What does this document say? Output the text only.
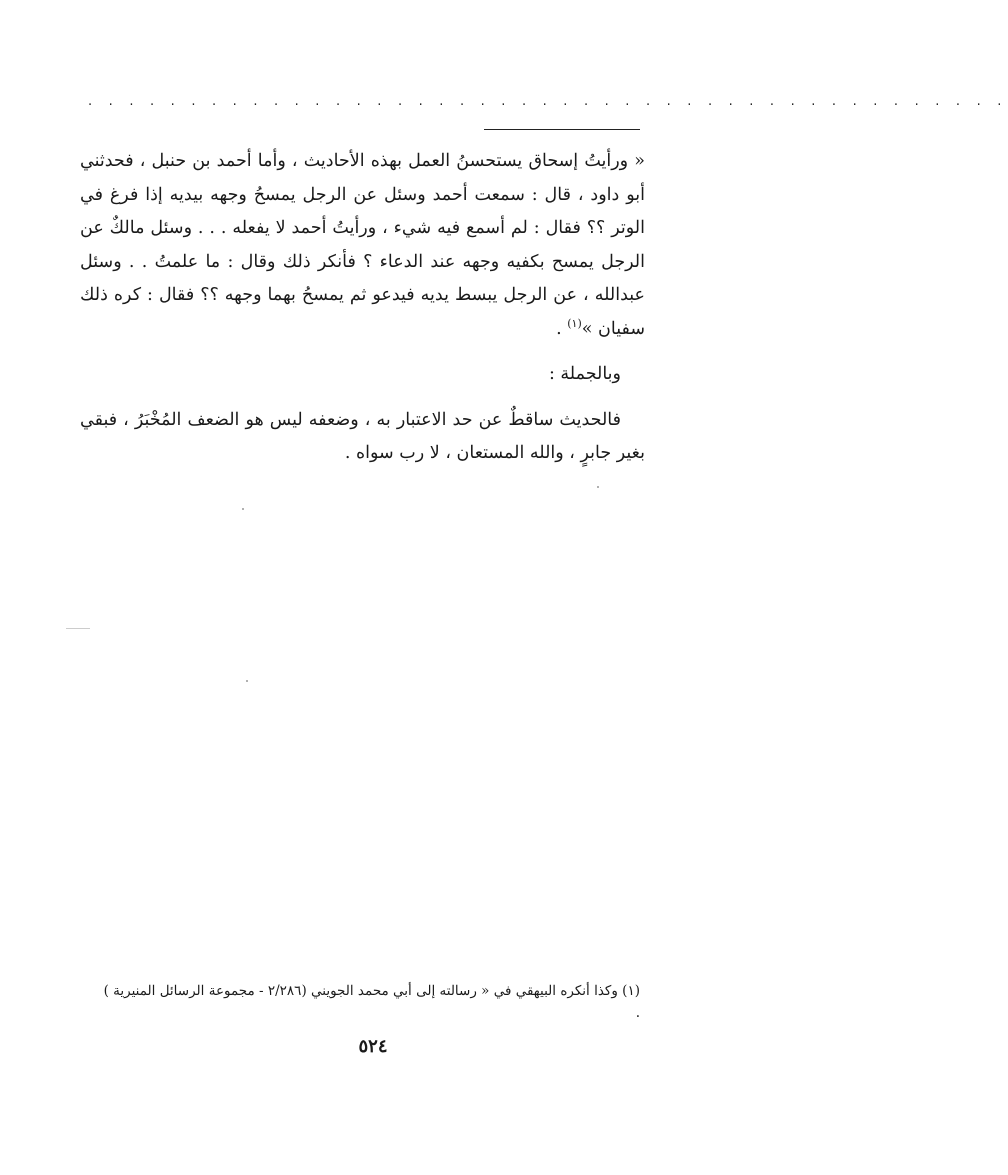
. . . . . . . . . . . . . . . . . . . . . . . . . . . . . . . . . . . . . . . . . . . . .

« ورأيتُ إسحاق يستحسنُ العمل بهذه الأحاديث ، وأما أحمد بن حنبل ، فحدثني أبو داود ، قال : سمعت أحمد وسئل عن الرجل يمسحُ وجهه بيديه إذا فرغ في الوتر ؟؟ فقال : لم أسمع فيه شيء ، ورأيتُ أحمد لا يفعله . . . وسئل مالكٌ عن الرجل يمسح بكفيه وجهه عند الدعاء ؟ فأنكر ذلك وقال : ما علمتُ . . وسئل عبدالله ، عن الرجل يبسط يديه فيدعو ثم يمسحُ بهما وجهه ؟؟ فقال : كره ذلك سفيان »$^{(١)}$ .

وبالجملة :

فالحديث ساقطٌ عن حد الاعتبار به ، وضعفه ليس هو الضعف المُخْبَرُ ، فبقي بغير جابرٍ ، والله المستعان ، لا رب سواه .

(١) وكذا أنكره البيهقي في « رسالته إلى أبي محمد الجويني (٢/٢٨٦ - مجموعة الرسائل المنيرية ) .
٥٢٤
